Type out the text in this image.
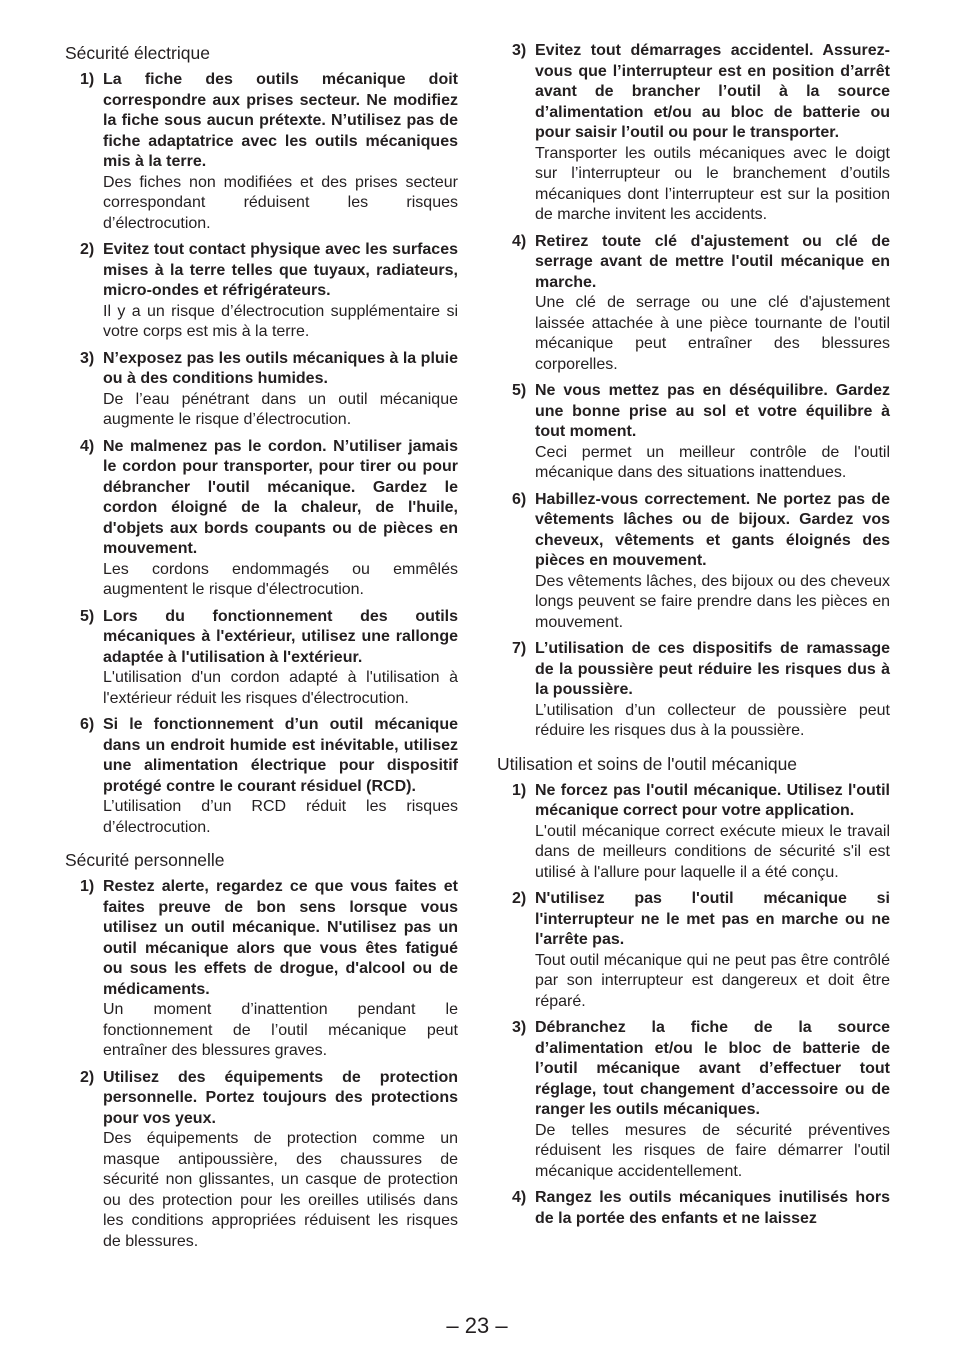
Sécurité électrique
1) La fiche des outils mécanique doit correspondre aux prises secteur. Ne modifiez la fiche sous aucun prétexte. N’utilisez pas de fiche adaptatrice avec les outils mécaniques mis à la terre.

Des fiches non modifiées et des prises secteur correspondant réduisent les risques d’électrocution.

2) Evitez tout contact physique avec les surfaces mises à la terre telles que tuyaux, radiateurs, micro-ondes et réfrigérateurs.

Il y a un risque d’électrocution supplémentaire si votre corps est mis à la terre.

3) N’exposez pas les outils mécaniques à la pluie ou à des conditions humides.

De l’eau pénétrant dans un outil mécanique augmente le risque d’électrocution.

4) Ne malmenez pas le cordon. N’utiliser jamais le cordon pour transporter, pour tirer ou pour débrancher l'outil mécanique. Gardez le cordon éloigné de la chaleur, de l'huile, d'objets aux bords coupants ou de pièces en mouvement.

Les cordons endommagés ou emmêlés augmentent le risque d'électrocution.

5) Lors du fonctionnement des outils mécaniques à l'extérieur, utilisez une rallonge adaptée à l'utilisation à l'extérieur.

L'utilisation d'un cordon adapté à l'utilisation à l'extérieur réduit les risques d'électrocution.

6) Si le fonctionnement d’un outil mécanique dans un endroit humide est inévitable, utilisez une alimentation électrique pour dispositif protégé contre le courant résiduel (RCD).

L’utilisation d’un RCD réduit les risques d’électrocution.

Sécurité personnelle
1) Restez alerte, regardez ce que vous faites et faites preuve de bon sens lorsque vous utilisez un outil mécanique. N'utilisez pas un outil mécanique alors que vous êtes fatigué ou sous les effets de drogue, d'alcool ou de médicaments.

Un moment d’inattention pendant le fonctionnement de l’outil mécanique peut entraîner des blessures graves.

2) Utilisez des équipements de protection personnelle. Portez toujours des protections pour vos yeux.

Des équipements de protection comme un masque antipoussière, des chaussures de sécurité non glissantes, un casque de protection ou des protection pour les oreilles utilisés dans les conditions appropriées réduisent les risques de blessures.

3) Evitez tout démarrages accidentel. Assurez-vous que l’interrupteur est en position d’arrêt avant de brancher l’outil à la source d’alimentation et/ou au bloc de batterie ou pour saisir l’outil ou pour le transporter.

Transporter les outils mécaniques avec le doigt sur l’interrupteur ou le branchement d’outils mécaniques dont l’interrupteur est sur la position de marche invitent les accidents.

4) Retirez toute clé d'ajustement ou clé de serrage avant de mettre l'outil mécanique en marche.

Une clé de serrage ou une clé d'ajustement laissée attachée à une pièce tournante de l'outil mécanique peut entraîner des blessures corporelles.

5) Ne vous mettez pas en déséquilibre. Gardez une bonne prise au sol et votre équilibre à tout moment.

Ceci permet un meilleur contrôle de l'outil mécanique dans des situations inattendues.

6) Habillez-vous correctement. Ne portez pas de vêtements lâches ou de bijoux. Gardez vos cheveux, vêtements et gants éloignés des pièces en mouvement.

Des vêtements lâches, des bijoux ou des cheveux longs peuvent se faire prendre dans les pièces en mouvement.

7) L’utilisation de ces dispositifs de ramassage de la poussière peut réduire les risques dus à la poussière.

L’utilisation d’un collecteur de poussière peut réduire les risques dus à la poussière.

Utilisation et soins de l'outil mécanique
1) Ne forcez pas l'outil mécanique. Utilisez l'outil mécanique correct pour votre application.

L'outil mécanique correct exécute mieux le travail dans de meilleurs conditions de sécurité s'il est utilisé à l'allure pour laquelle il a été conçu.

2) N'utilisez pas l'outil mécanique si l'interrupteur ne le met pas en marche ou ne l'arrête pas.

Tout outil mécanique qui ne peut pas être contrôlé par son interrupteur est dangereux et doit être réparé.

3) Débranchez la fiche de la source d’alimentation et/ou le bloc de batterie de l’outil mécanique avant d’effectuer tout réglage, tout changement d’accessoire ou de ranger les outils mécaniques.

De telles mesures de sécurité préventives réduisent les risques de faire démarrer l'outil mécanique accidentellement.

4) Rangez les outils mécaniques inutilisés hors de la portée des enfants et ne laissez

– 23 –
